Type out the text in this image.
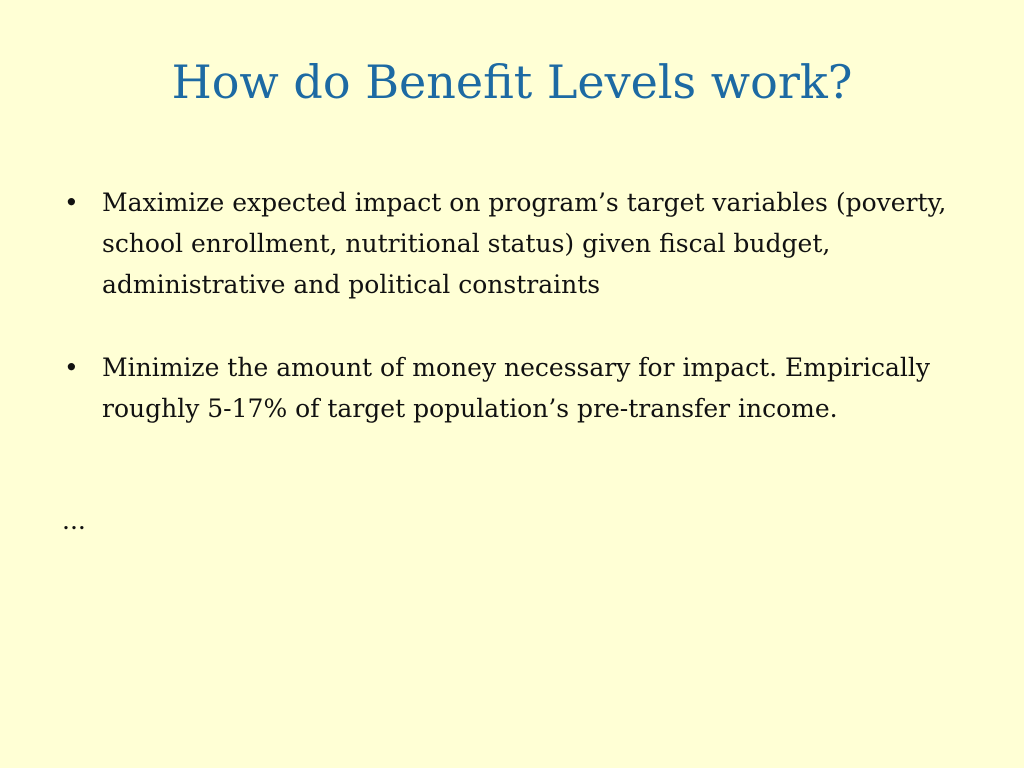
How do Benefit Levels work?
• Maximize expected impact on program’s target variables (poverty, school enrollment, nutritional status) given fiscal budget, administrative and political constraints
• Minimize the amount of money necessary for impact. Empirically roughly 5-17% of target population’s pre-transfer income.
...
